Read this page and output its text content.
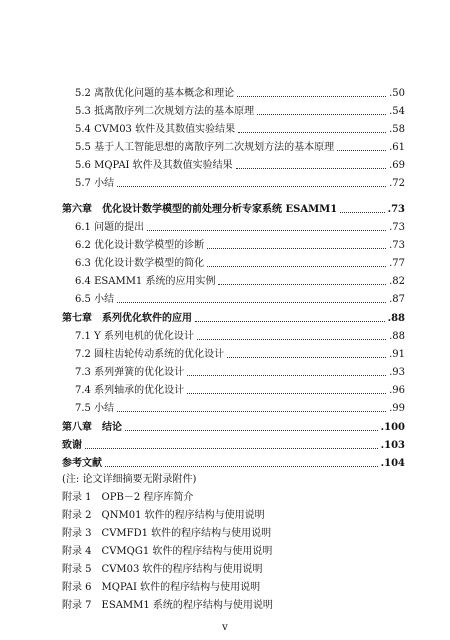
5.2 离散优化问题的基本概念和理论	.50
5.3 抵离散序列二次规划方法的基本原理	.54
5.4 CVM03 软件及其数值实验结果	.58
5.5 基于人工智能思想的离散序列二次规划方法的基本原理	.61
5.6 MQPAI 软件及其数值实验结果	.69
5.7 小结	.72
第六章　优化设计数学模型的前处理分析专家系统 ESAMM1	.73
6.1 问题的提出	.73
6.2 优化设计数学模型的诊断	.73
6.3 优化设计数学模型的简化	.77
6.4 ESAMM1 系统的应用实例	.82
6.5 小结	.87
第七章　系列优化软件的应用	.88
7.1 Y 系列电机的优化设计	.88
7.2 圆柱齿轮传动系统的优化设计	.91
7.3 系列弹簧的优化设计	.93
7.4 系列轴承的优化设计	.96
7.5 小结	.99
第八章　结论	.100
致谢	.103
参考文献	.104
(注: 论文详细摘要无附录附件)
附录 1　OPB－2 程序库简介
附录 2　QNM01 软件的程序结构与使用说明
附录 3　CVMFD1 软件的程序结构与使用说明
附录 4　CVMQG1 软件的程序结构与使用说明
附录 5　CVM03 软件的程序结构与使用说明
附录 6　MQPAI 软件的程序结构与使用说明
附录 7　ESAMM1 系统的程序结构与使用说明
v
